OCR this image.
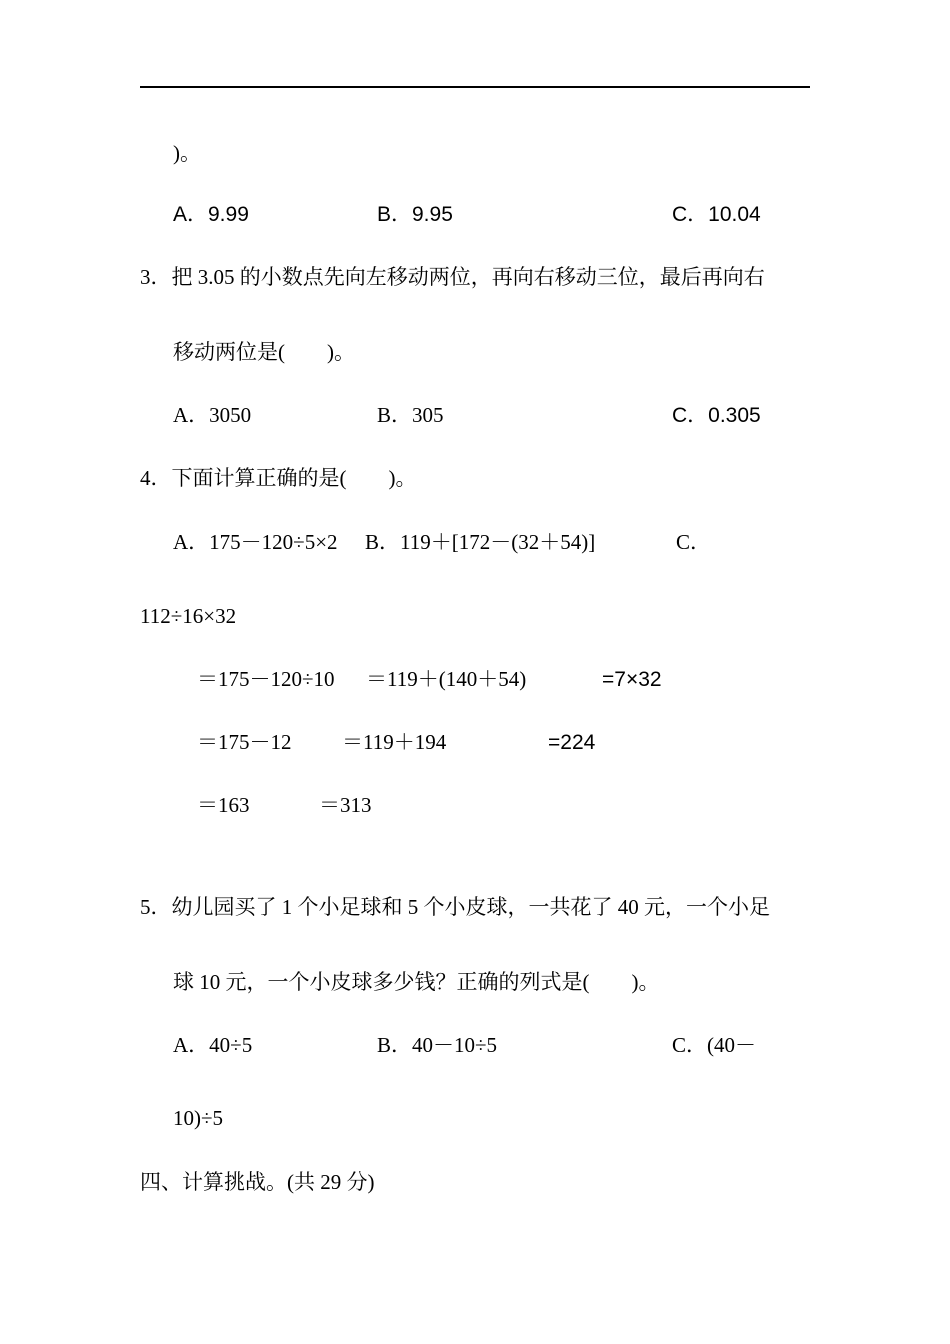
)。
A．9.99	B．9.95	C．10.04
3．把 3.05 的小数点先向左移动两位，再向右移动三位，最后再向右
移动两位是(        )。
A．3050	B．305	C．0.305
4．下面计算正确的是(        )。
A．175－120÷5×2 B．119＋[172－(32＋54)]	C．
112÷16×32
＝175－120÷10 ＝119＋(140＋54)	=7×32
＝175－12 ＝119＋194	=224
＝163	＝313
5．幼儿园买了 1 个小足球和 5 个小皮球，一共花了 40 元，一个小足
球 10 元，一个小皮球多少钱？正确的列式是(        )。
A．40÷5	B．40－10÷5	C．(40－
10)÷5
四、计算挑战。(共 29 分)
